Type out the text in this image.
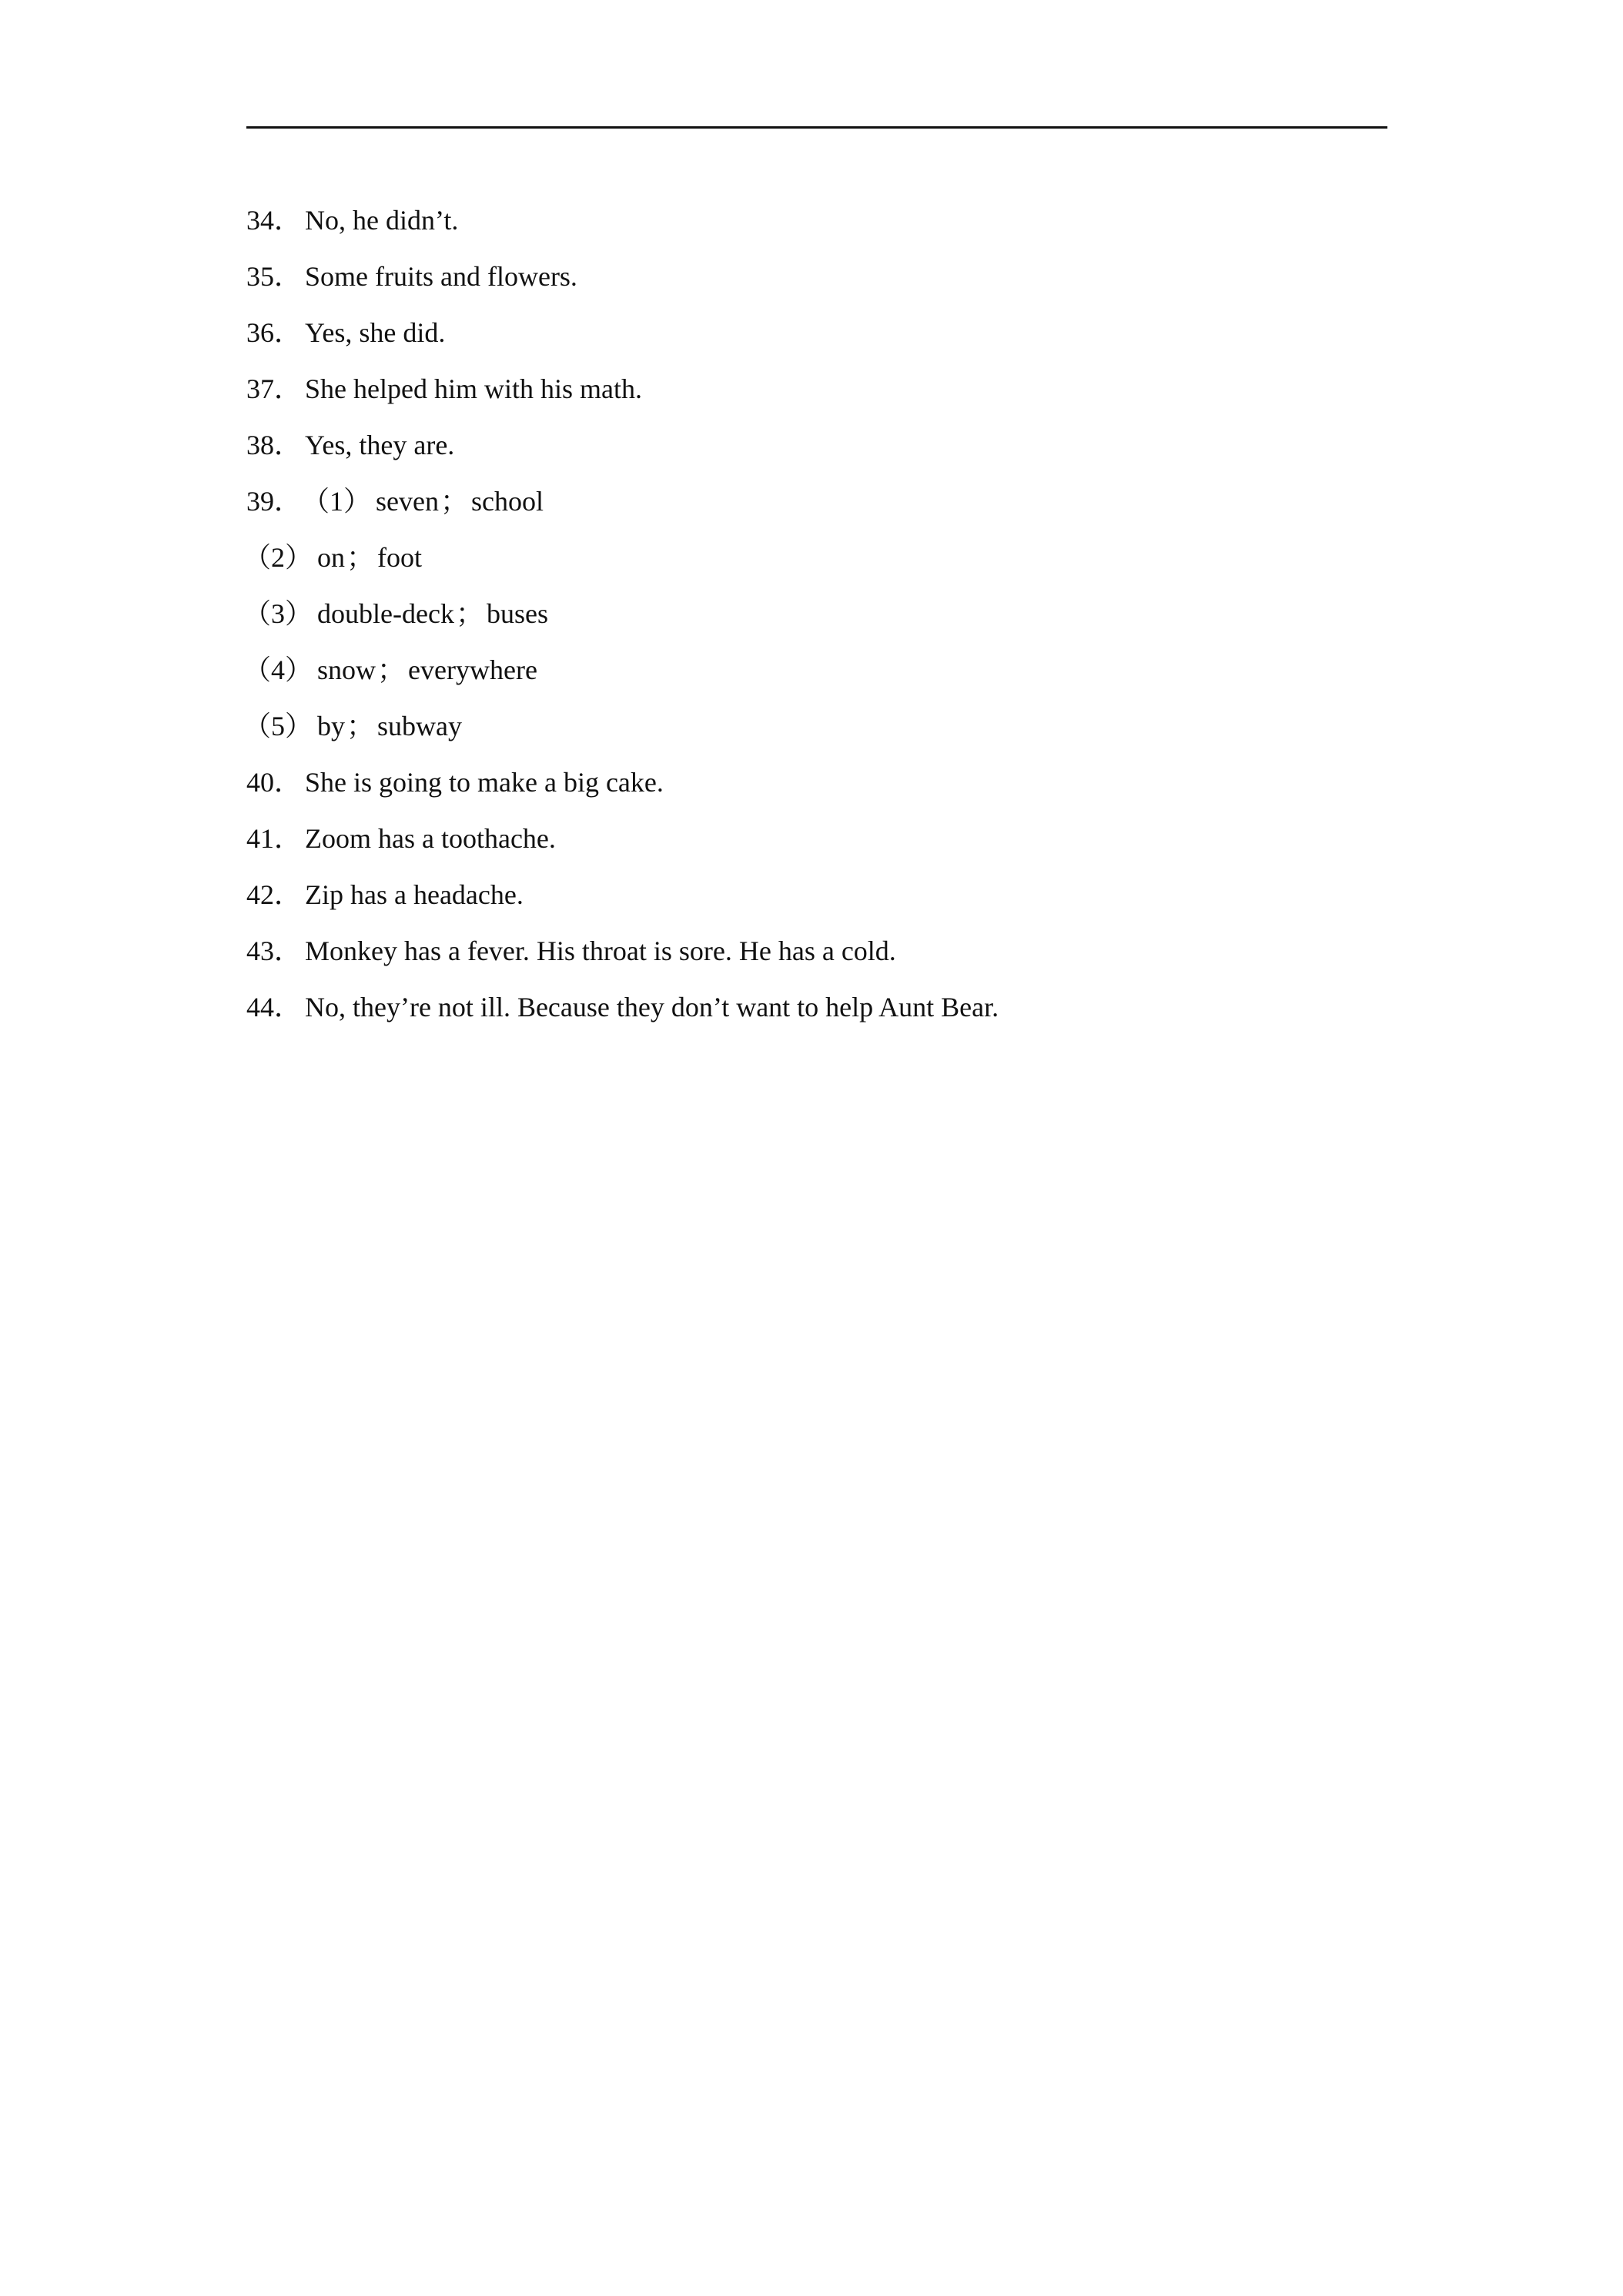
34． No, he didn’t.
35． Some fruits and flowers.
36． Yes, she did.
37． She helped him with his math.
38． Yes, they are.
39．（1） seven； school
（2） on； foot
（3） double-deck； buses
（4） snow； everywhere
（5） by； subway
40． She is going to make a big cake.
41． Zoom has a toothache.
42． Zip has a headache.
43． Monkey has a fever. His throat is sore. He has a cold.
44． No, they’re not ill. Because they don’t want to help Aunt Bear.
